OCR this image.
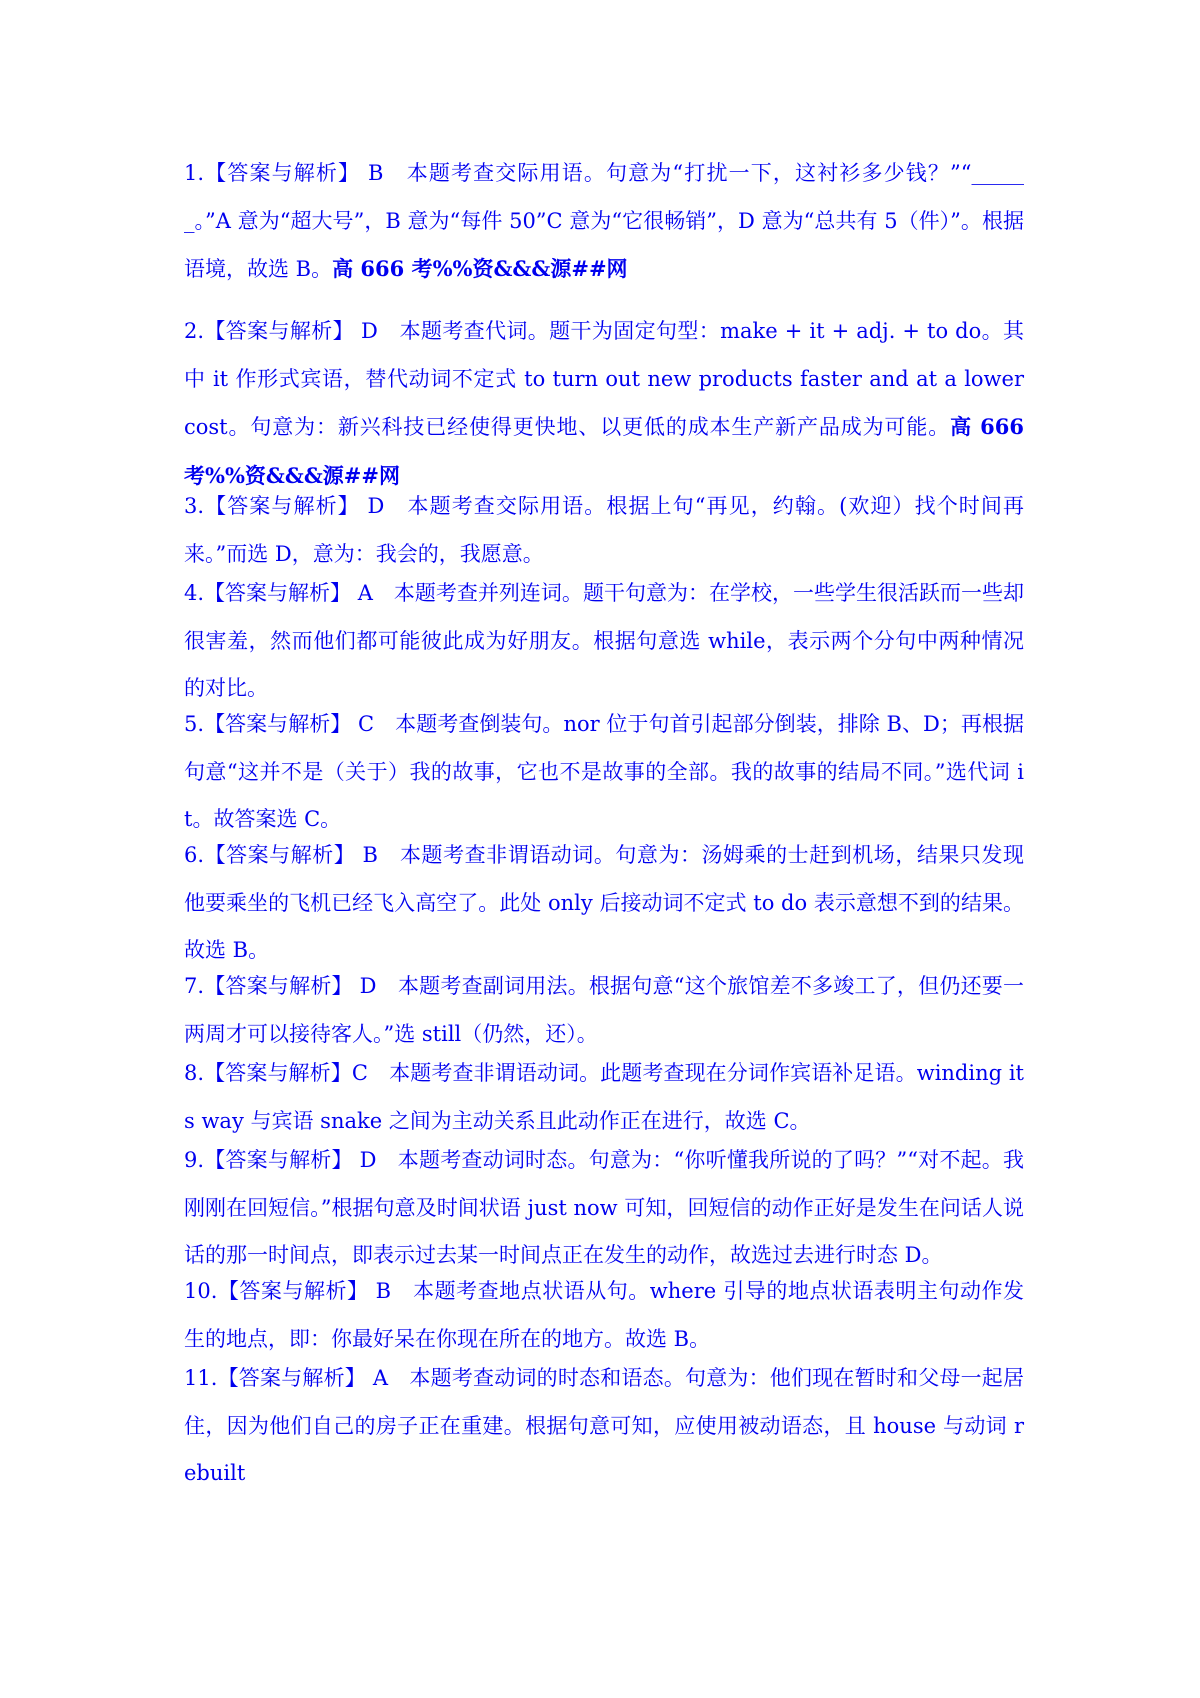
1.【答案与解析】 B　本题考查交际用语。句意为“打扰一下，这衬衫多少钱？”“______。”A 意为“超大号”，B 意为“每件 50”C 意为“它很畅销”，D 意为“总共有 5（件）”。根据语境，故选 B。高 666 考%%资&&&源##网
2.【答案与解析】 D　本题考查代词。题干为固定句型：make + it + adj. + to do。其中 it 作形式宾语，替代动词不定式 to turn out new products faster and at a lower cost。句意为：新兴科技已经使得更快地、以更低的成本生产新产品成为可能。高 666 考%%资&&&源##网
3.【答案与解析】 D　本题考查交际用语。根据上句“再见，约翰。(欢迎）找个时间再来。”而选 D，意为：我会的，我愿意。
4.【答案与解析】 A　本题考查并列连词。题干句意为：在学校，一些学生很活跃而一些却很害羞，然而他们都可能彼此成为好朋友。根据句意选 while，表示两个分句中两种情况的对比。
5.【答案与解析】 C　本题考查倒装句。nor 位于句首引起部分倒装，排除 B、D；再根据句意“这并不是（关于）我的故事，它也不是故事的全部。我的故事的结局不同。”选代词 it。故答案选 C。
6.【答案与解析】 B　本题考查非谓语动词。句意为：汤姆乘的士赶到机场，结果只发现他要乘坐的飞机已经飞入高空了。此处 only 后接动词不定式 to do 表示意想不到的结果。故选 B。
7.【答案与解析】 D　本题考查副词用法。根据句意“这个旅馆差不多竣工了，但仍还要一两周才可以接待客人。”选 still（仍然，还）。
8.【答案与解析】C　本题考查非谓语动词。此题考查现在分词作宾语补足语。winding its way 与宾语 snake 之间为主动关系且此动作正在进行，故选 C。
9.【答案与解析】 D　本题考查动词时态。句意为：“你听懂我所说的了吗？”“对不起。我刚刚在回短信。”根据句意及时间状语 just now 可知，回短信的动作正好是发生在问话人说话的那一时间点，即表示过去某一时间点正在发生的动作，故选过去进行时态 D。
10.【答案与解析】 B　本题考查地点状语从句。where 引导的地点状语表明主句动作发生的地点，即：你最好呆在你现在所在的地方。故选 B。
11.【答案与解析】 A　本题考查动词的时态和语态。句意为：他们现在暂时和父母一起居住，因为他们自己的房子正在重建。根据句意可知，应使用被动语态，且 house 与动词 rebuilt
